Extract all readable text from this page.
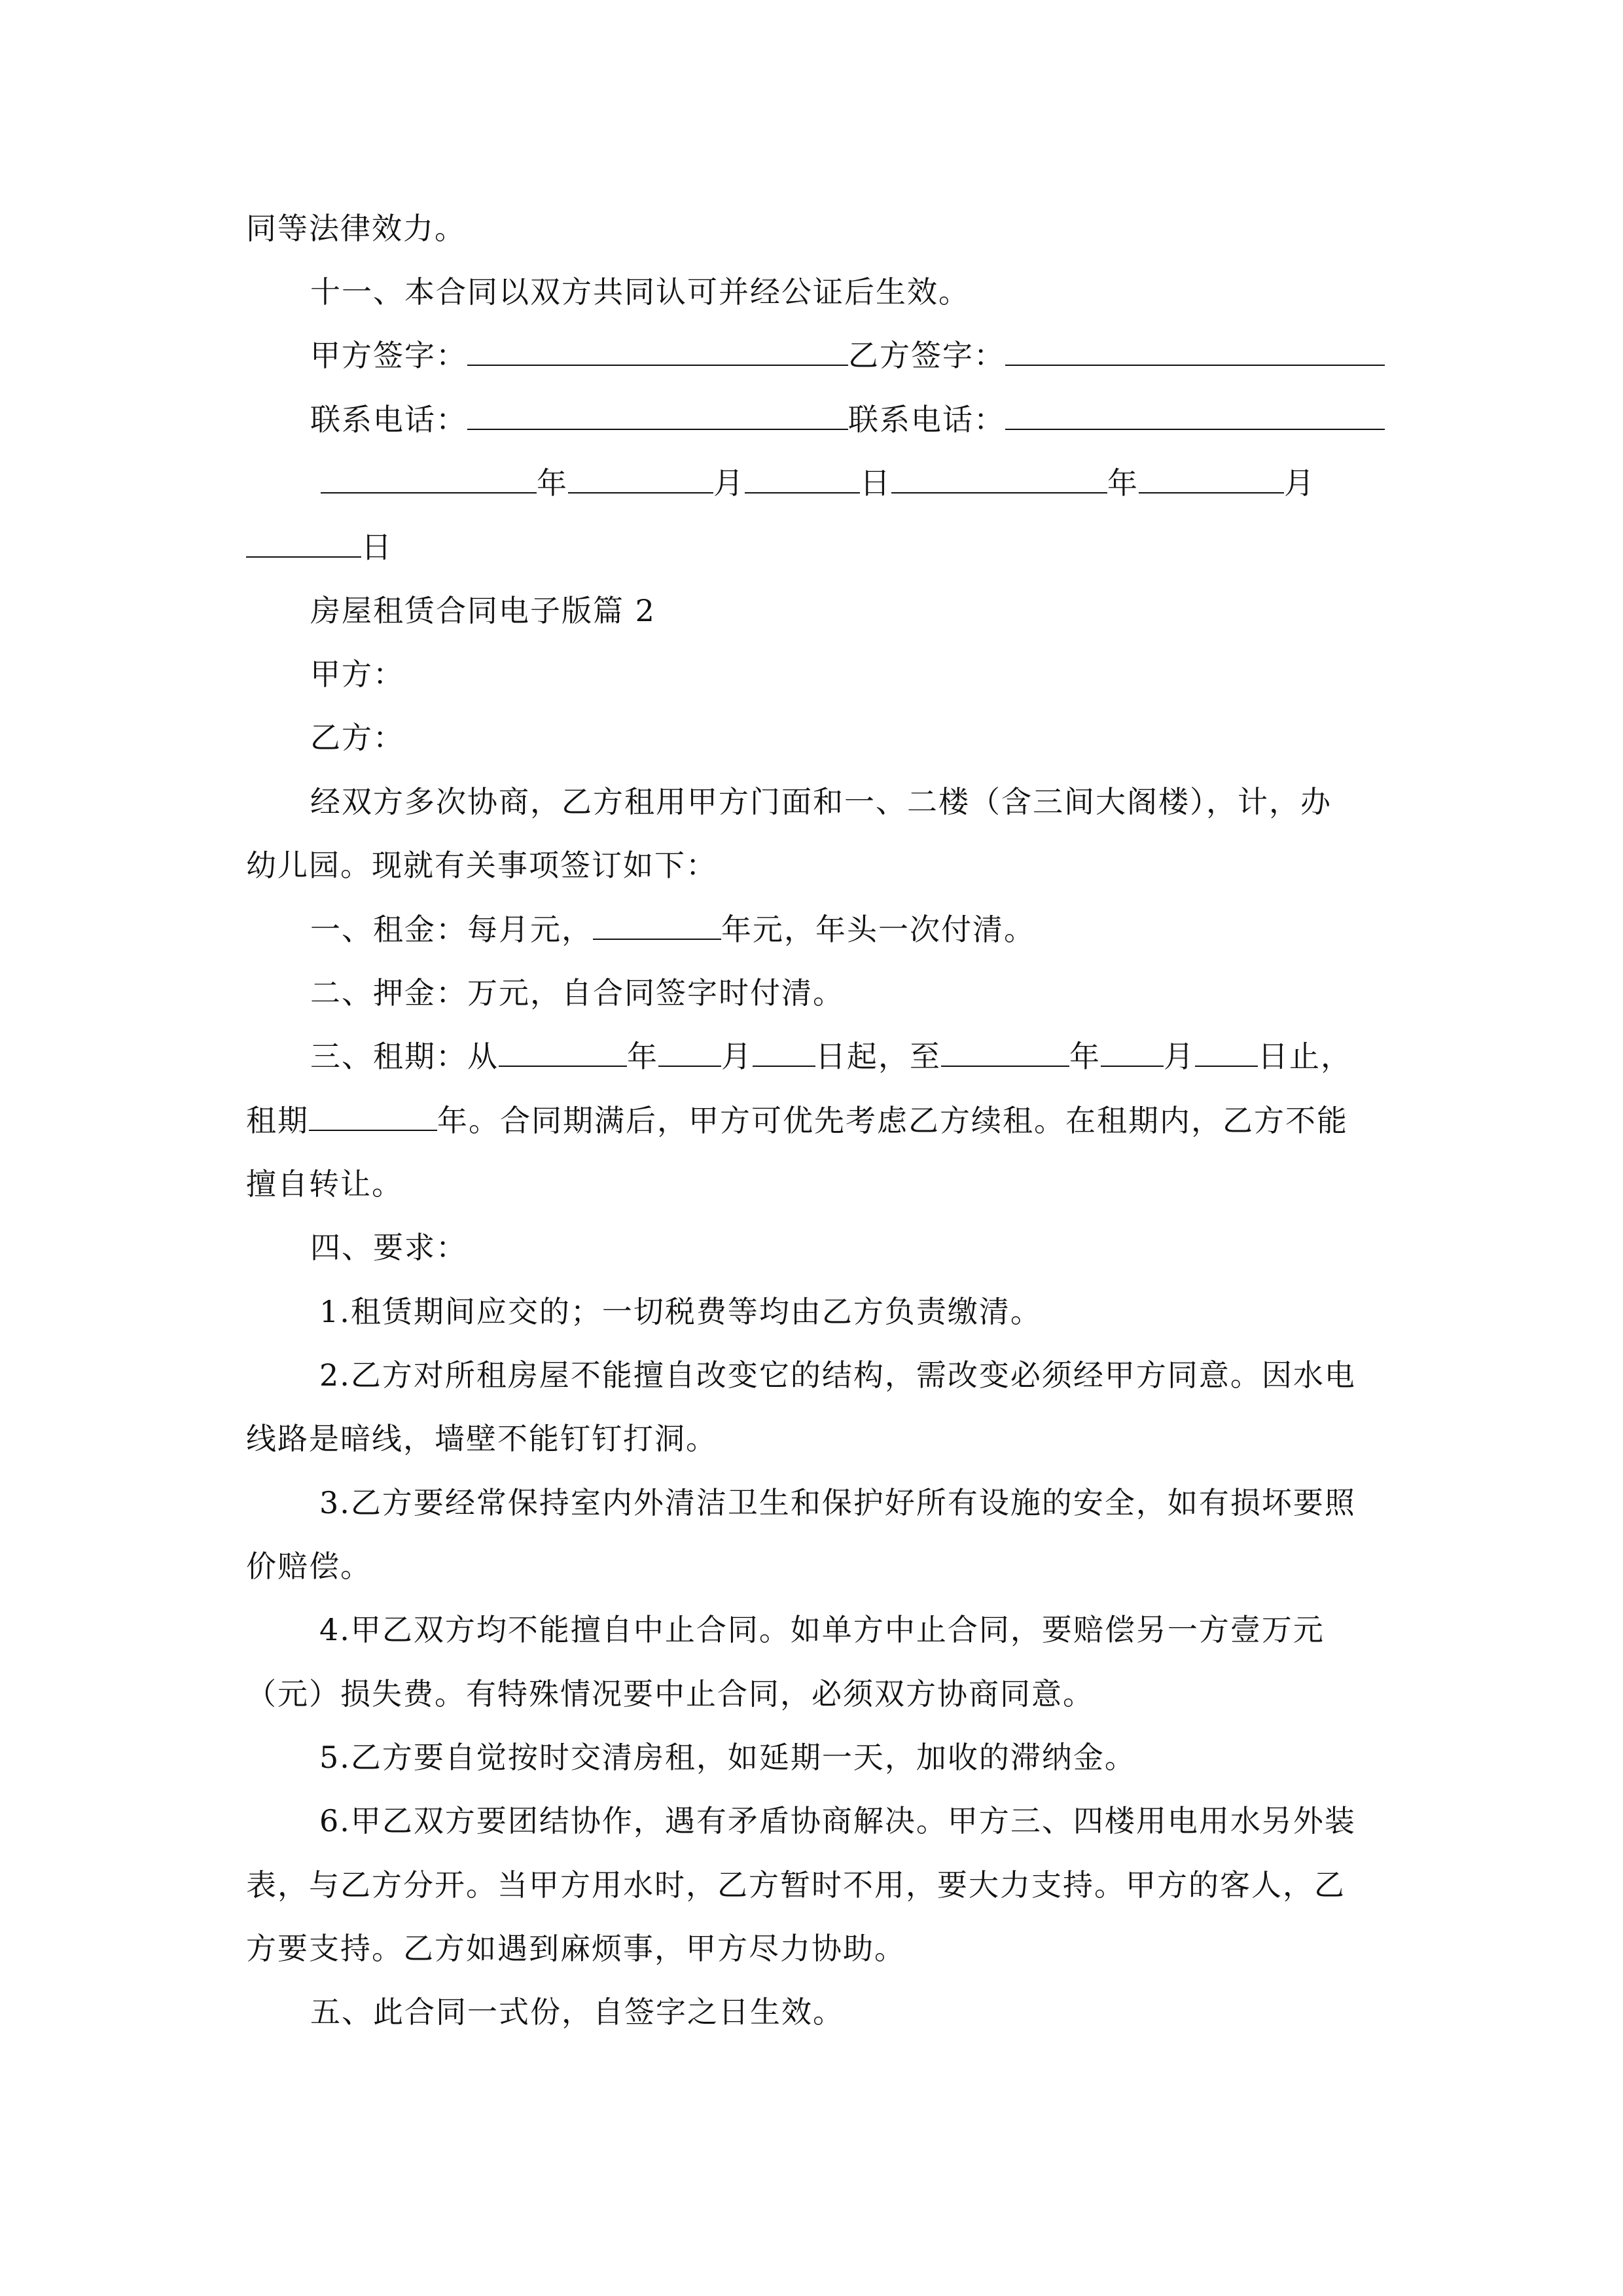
同等法律效力。
十一、本合同以双方共同认可并经公证后生效。
甲方签字：	乙方签字：
联系电话：	联系电话：
年	月	日	年	月
日
房屋租赁合同电子版篇 2
甲方：
乙方：
经双方多次协商，乙方租用甲方门面和一、二楼（含三间大阁楼），计，办
幼儿园。现就有关事项签订如下：
一、租金：每月元，	年元，年头一次付清。
二、押金：万元，自合同签字时付清。
三、租期：从	年 月 日起，至	年 月 日止，
租期	年。合同期满后，甲方可优先考虑乙方续租。在租期内，乙方不能
擅自转让。
四、要求：
1.租赁期间应交的；一切税费等均由乙方负责缴清。
2.乙方对所租房屋不能擅自改变它的结构，需改变必须经甲方同意。因水电
线路是暗线，墙壁不能钉钉打洞。
3.乙方要经常保持室内外清洁卫生和保护好所有设施的安全，如有损坏要照
价赔偿。
4.甲乙双方均不能擅自中止合同。如单方中止合同，要赔偿另一方壹万元
（元）损失费。有特殊情况要中止合同，必须双方协商同意。
5.乙方要自觉按时交清房租，如延期一天，加收的滞纳金。
6.甲乙双方要团结协作，遇有矛盾协商解决。甲方三、四楼用电用水另外装
表，与乙方分开。当甲方用水时，乙方暂时不用，要大力支持。甲方的客人，乙
方要支持。乙方如遇到麻烦事，甲方尽力协助。
五、此合同一式份，自签字之日生效。
